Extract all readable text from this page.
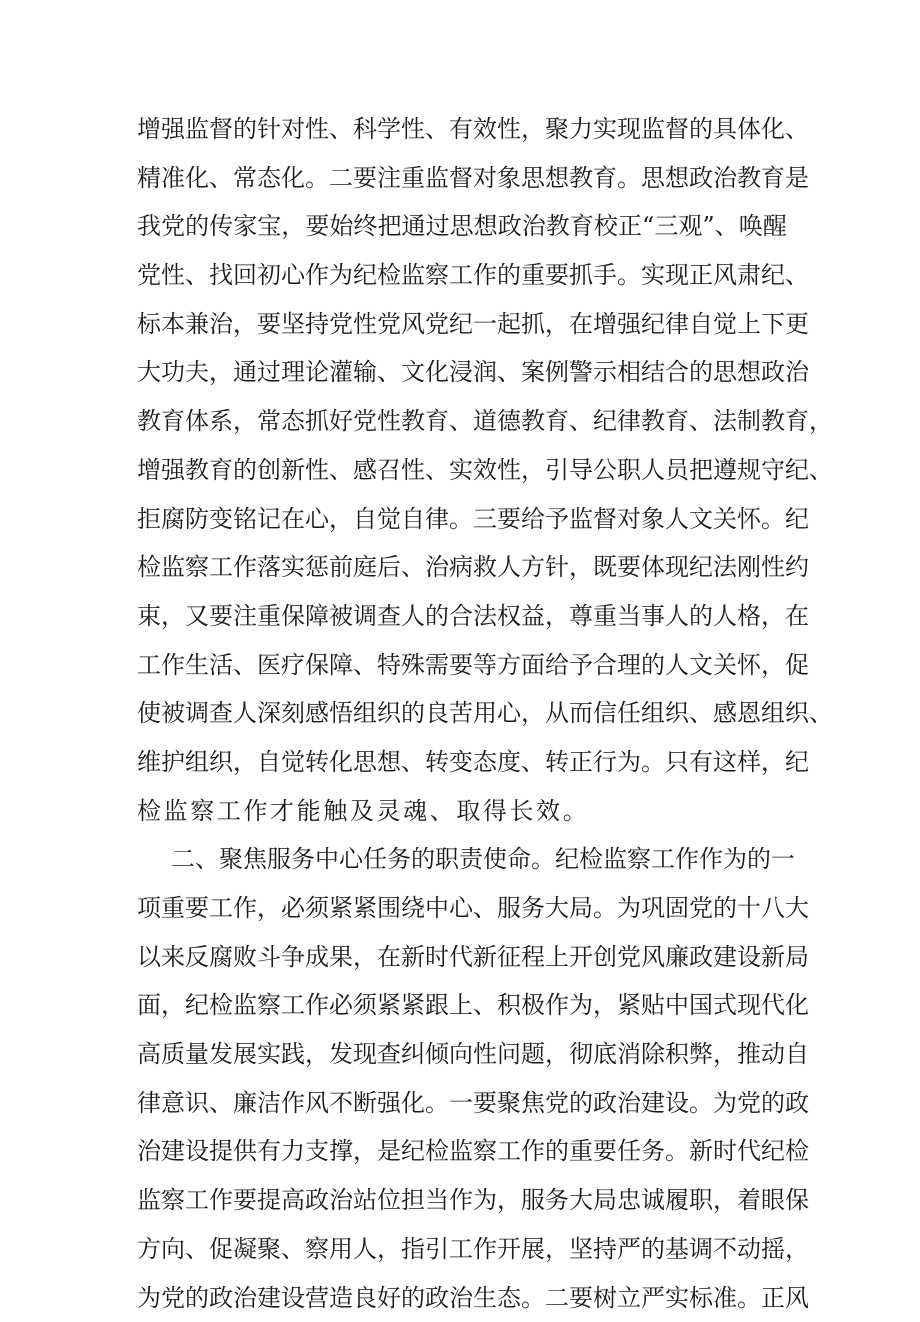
增 强 监 督 的 针 对 性 、 科 学 性 、 有 效 性 ， 聚 力 实 现 监 督 的 具 体 化 、
精 准 化 、 常 态 化 。 二 要 注 重 监 督 对 象 思 想 教 育 。 思 想 政 治 教 育 是
我 党 的 传 家 宝 ， 要 始 终 把 通 过 思 想 政 治 教 育 校 正 “ 三 观 ” 、 唤 醒
党 性 、 找 回 初 心 作 为 纪 检 监 察 工 作 的 重 要 抓 手 。 实 现 正 风 肃 纪 、
标 本 兼 治 ， 要 坚 持 党 性 党 风 党 纪 一 起 抓 ， 在 增 强 纪 律 自 觉 上 下 更
大 功 夫 ， 通 过 理 论 灌 输 、 文 化 浸 润 、 案 例 警 示 相 结 合 的 思 想 政 治
教 育 体 系 ， 常 态 抓 好 党 性 教 育 、 道 德 教 育 、 纪 律 教 育 、 法 制 教 育 ，
增 强 教 育 的 创 新 性 、 感 召 性 、 实 效 性 ， 引 导 公 职 人 员 把 遵 规 守 纪 、
拒 腐 防 变 铭 记 在 心 ， 自 觉 自 律 。 三 要 给 予 监 督 对 象 人 文 关 怀 。 纪
检 监 察 工 作 落 实 惩 前 庭 后 、 治 病 救 人 方 针 ， 既 要 体 现 纪 法 刚 性 约
束 ， 又 要 注 重 保 障 被 调 查 人 的 合 法 权 益 ， 尊 重 当 事 人 的 人 格 ， 在
工 作 生 活 、 医 疗 保 障 、 特 殊 需 要 等 方 面 给 予 合 理 的 人 文 关 怀 ， 促
使 被 调 查 人 深 刻 感 悟 组 织 的 良 苦 用 心 ， 从 而 信 任 组 织 、 感 恩 组 织 、
维 护 组 织 ， 自 觉 转 化 思 想 、 转 变 态 度 、 转 正 行 为 。 只 有 这 样 ， 纪
检 监 察 工 作 才 能 触 及 灵 魂 、 取 得 长 效 。
二 、 聚 焦 服 务 中 心 任 务 的 职 责 使 命 。 纪 检 监 察 工 作 作 为 的 一
项 重 要 工 作 ， 必 须 紧 紧 围 绕 中 心 、 服 务 大 局 。 为 巩 固 党 的 十 八 大
以 来 反 腐 败 斗 争 成 果 ， 在 新 时 代 新 征 程 上 开 创 党 风 廉 政 建 设 新 局
面 ， 纪 检 监 察 工 作 必 须 紧 紧 跟 上 、 积 极 作 为 ， 紧 贴 中 国 式 现 代 化
高 质 量 发 展 实 践 ， 发 现 查 纠 倾 向 性 问 题 ， 彻 底 消 除 积 弊 ， 推 动 自
律 意 识 、 廉 洁 作 风 不 断 强 化 。 一 要 聚 焦 党 的 政 治 建 设 。 为 党 的 政
治 建 设 提 供 有 力 支 撑 ， 是 纪 检 监 察 工 作 的 重 要 任 务 。 新 时 代 纪 检
监 察 工 作 要 提 高 政 治 站 位 担 当 作 为 ， 服 务 大 局 忠 诚 履 职 ， 着 眼 保
方 向 、 促 凝 聚 、 察 用 人 ， 指 引 工 作 开 展 ， 坚 持 严 的 基 调 不 动 摇 ，
为 党 的 政 治 建 设 营 造 良 好 的 政 治 生 态 。 二 要 树 立 严 实 标 准 。 正 风
